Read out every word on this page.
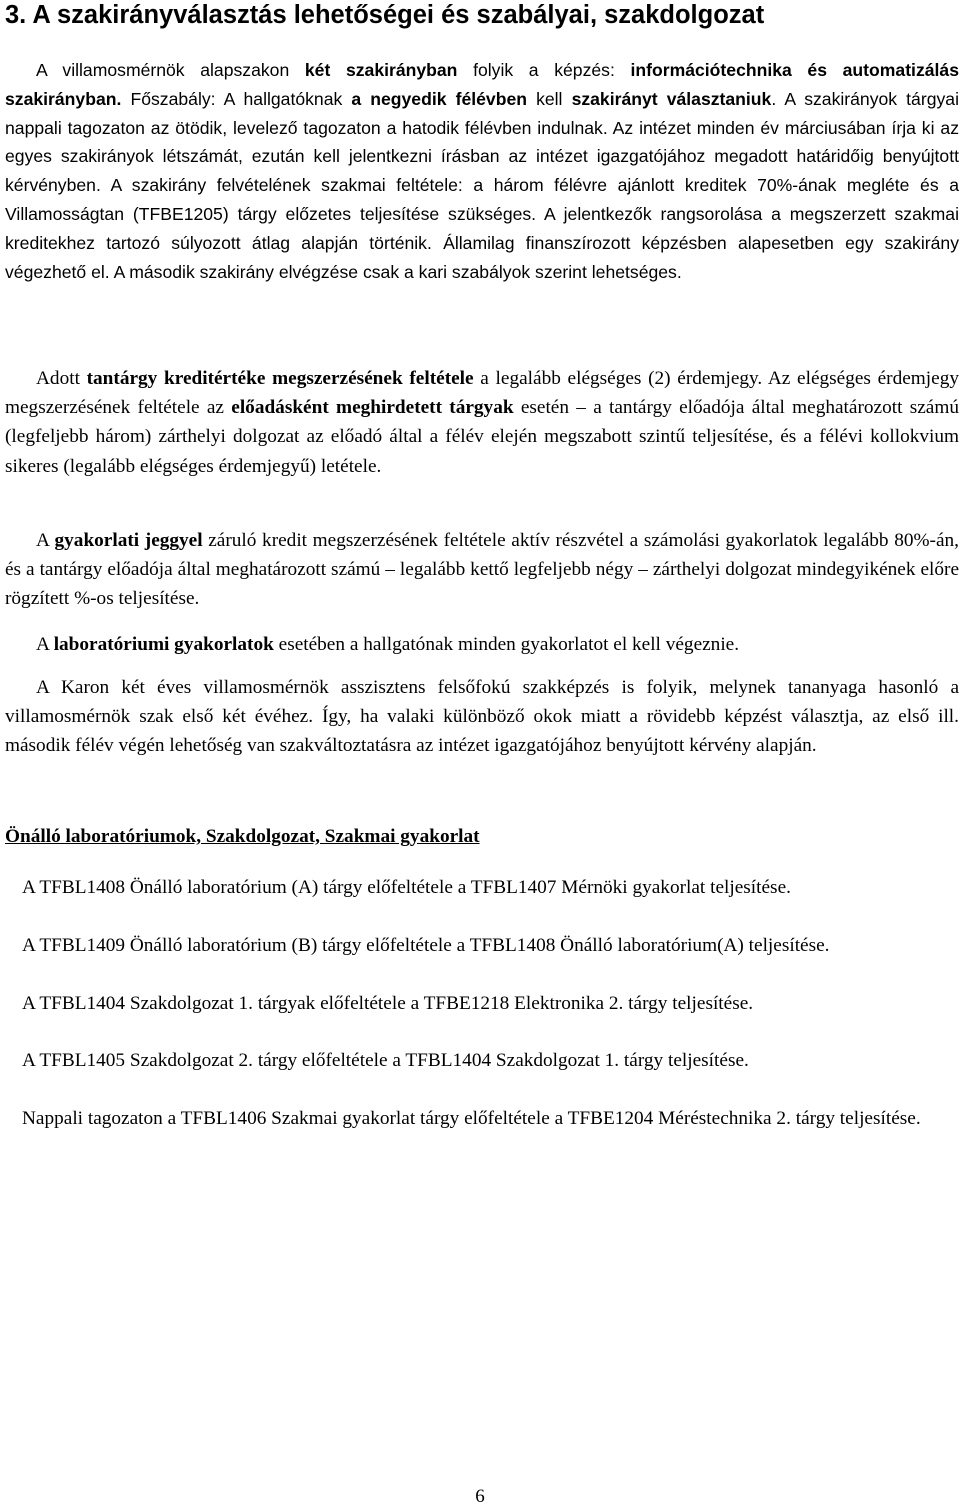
3. A szakirányválasztás lehetőségei és szabályai, szakdolgozat

A villamosmérnök alapszakon két szakirányban folyik a képzés: információtechnika és automatizálás szakirányban. Főszabály: A hallgatóknak a negyedik félévben kell szakirányt választaniuk. A szakirányok tárgyai nappali tagozaton az ötödik, levelező tagozaton a hatodik félévben indulnak. Az intézet minden év márciusában írja ki az egyes szakirányok létszámát, ezután kell jelentkezni írásban az intézet igazgatójához megadott határidőig benyújtott kérvényben. A szakirány felvételének szakmai feltétele: a három félévre ajánlott kreditek 70%-ának megléte és a Villamosságtan (TFBE1205) tárgy előzetes teljesítése szükséges. A jelentkezők rangsorolása a megszerzett szakmai kreditekhez tartozó súlyozott átlag alapján történik. Államilag finanszírozott képzésben alapesetben egy szakirány végezhető el. A második szakirány elvégzése csak a kari szabályok szerint lehetséges.

Adott tantárgy kreditértéke megszerzésének feltétele a legalább elégséges (2) érdemjegy. Az elégséges érdemjegy megszerzésének feltétele az előadásként meghirdetett tárgyak esetén – a tantárgy előadója által meghatározott számú (legfeljebb három) zárthelyi dolgozat az előadó által a félév elején megszabott szintű teljesítése, és a félévi kollokvium sikeres (legalább elégséges érdemjegyű) letétele.

A gyakorlati jeggyel záruló kredit megszerzésének feltétele aktív részvétel a számolási gyakorlatok legalább 80%-án, és a tantárgy előadója által meghatározott számú – legalább kettő legfeljebb négy – zárthelyi dolgozat mindegyikének előre rögzített %-os teljesítése.

A laboratóriumi gyakorlatok esetében a hallgatónak minden gyakorlatot el kell végeznie.

A Karon két éves villamosmérnök asszisztens felsőfokú szakképzés is folyik, melynek tananyaga hasonló a villamosmérnök szak első két évéhez. Így, ha valaki különböző okok miatt a rövidebb képzést választja, az első ill. második félév végén lehetőség van szakváltoztatásra az intézet igazgatójához benyújtott kérvény alapján.

Önálló laboratóriumok, Szakdolgozat, Szakmai gyakorlat

A TFBL1408 Önálló laboratórium (A) tárgy előfeltétele a TFBL1407 Mérnöki gyakorlat teljesítése.

A TFBL1409 Önálló laboratórium (B) tárgy előfeltétele a TFBL1408 Önálló laboratórium(A) teljesítése.

A TFBL1404 Szakdolgozat 1. tárgyak előfeltétele a TFBE1218 Elektronika 2. tárgy teljesítése.

A TFBL1405 Szakdolgozat 2. tárgy előfeltétele a TFBL1404 Szakdolgozat 1. tárgy teljesítése.

Nappali tagozaton a TFBL1406 Szakmai gyakorlat tárgy előfeltétele a TFBE1204 Méréstechnika 2. tárgy teljesítése.

6
